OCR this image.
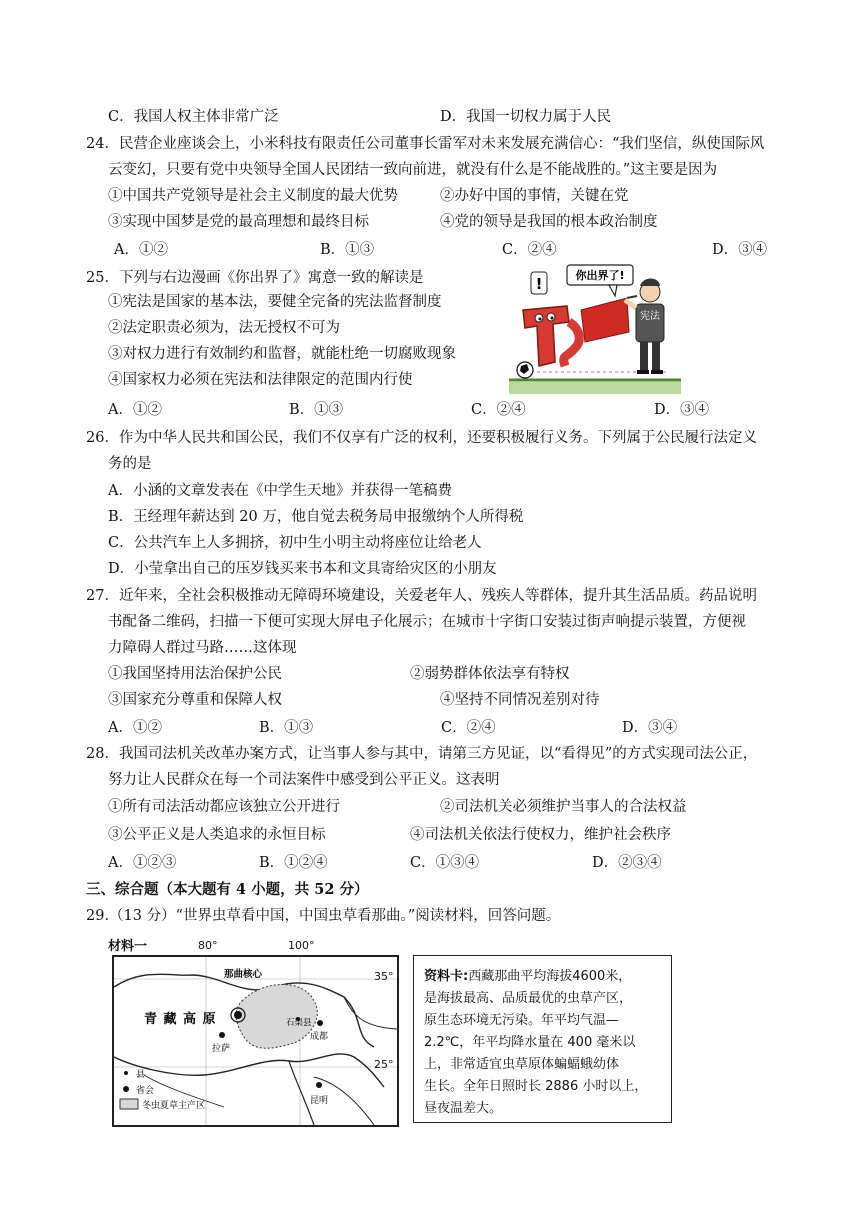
C．我国人权主体非常广泛	D．我国一切权力属于人民
24．民营企业座谈会上，小米科技有限责任公司董事长雷军对未来发展充满信心：“我们坚信，纵使国际风
云变幻，只要有党中央领导全国人民团结一致向前进，就没有什么是不能战胜的。”这主要是因为
①中国共产党领导是社会主义制度的最大优势	②办好中国的事情，关键在党
③实现中国梦是党的最高理想和最终目标	④党的领导是我国的根本政治制度
A．①②	B．①③	C．②④	D．③④
25．下列与右边漫画《你出界了》寓意一致的解读是
①宪法是国家的基本法，要健全完备的宪法监督制度
②法定职责必须为，法无授权不可为
③对权力进行有效制约和监督，就能杜绝一切腐败现象
④国家权力必须在宪法和法律限定的范围内行使
A．①②	B．①③	C．②④	D．③④
你出界了!
!
宪法
26．作为中华人民共和国公民，我们不仅享有广泛的权利，还要积极履行义务。下列属于公民履行法定义
务的是
A．小涵的文章发表在《中学生天地》并获得一笔稿费
B．王经理年薪达到 20 万，他自觉去税务局申报缴纳个人所得税
C．公共汽车上人多拥挤，初中生小明主动将座位让给老人
D．小莹拿出自己的压岁钱买来书本和文具寄给灾区的小朋友
27．近年来，全社会积极推动无障碍环境建设，关爱老年人、残疾人等群体，提升其生活品质。药品说明
书配备二维码，扫描一下便可实现大屏电子化展示；在城市十字街口安装过街声响提示装置，方便视
力障碍人群过马路……这体现
①我国坚持用法治保护公民	②弱势群体依法享有特权
③国家充分尊重和保障人权	④坚持不同情况差别对待
A．①②	B．①③	C．②④	D．③④
28．我国司法机关改革办案方式，让当事人参与其中，请第三方见证，以“看得见”的方式实现司法公正，
努力让人民群众在每一个司法案件中感受到公平正义。这表明
①所有司法活动都应该独立公开进行	②司法机关必须维护当事人的合法权益
③公平正义是人类追求的永恒目标	④司法机关依法行使权力，维护社会秩序
A．①②③	B．①②④	C．①③④	D．②③④
三、综合题（本大题有 4 小题，共 52 分）
29.（13 分）“世界虫草看中国，中国虫草看那曲。”阅读材料，回答问题。
材料一
那曲核心
青 藏 高 原	石渠县
拉萨
成都
昆明
县
省会
冬虫夏草主产区
80°	100°
35°
25°
资料卡:西藏那曲平均海拔4600米，
是海拔最高、品质最优的虫草产区，
原生态环境无污染。年平均气温—
2.2℃，年平均降水量在 400 毫米以
上，非常适宜虫草原体蝙蝠蛾幼体
生长。全年日照时长 2886 小时以上，
昼夜温差大。
